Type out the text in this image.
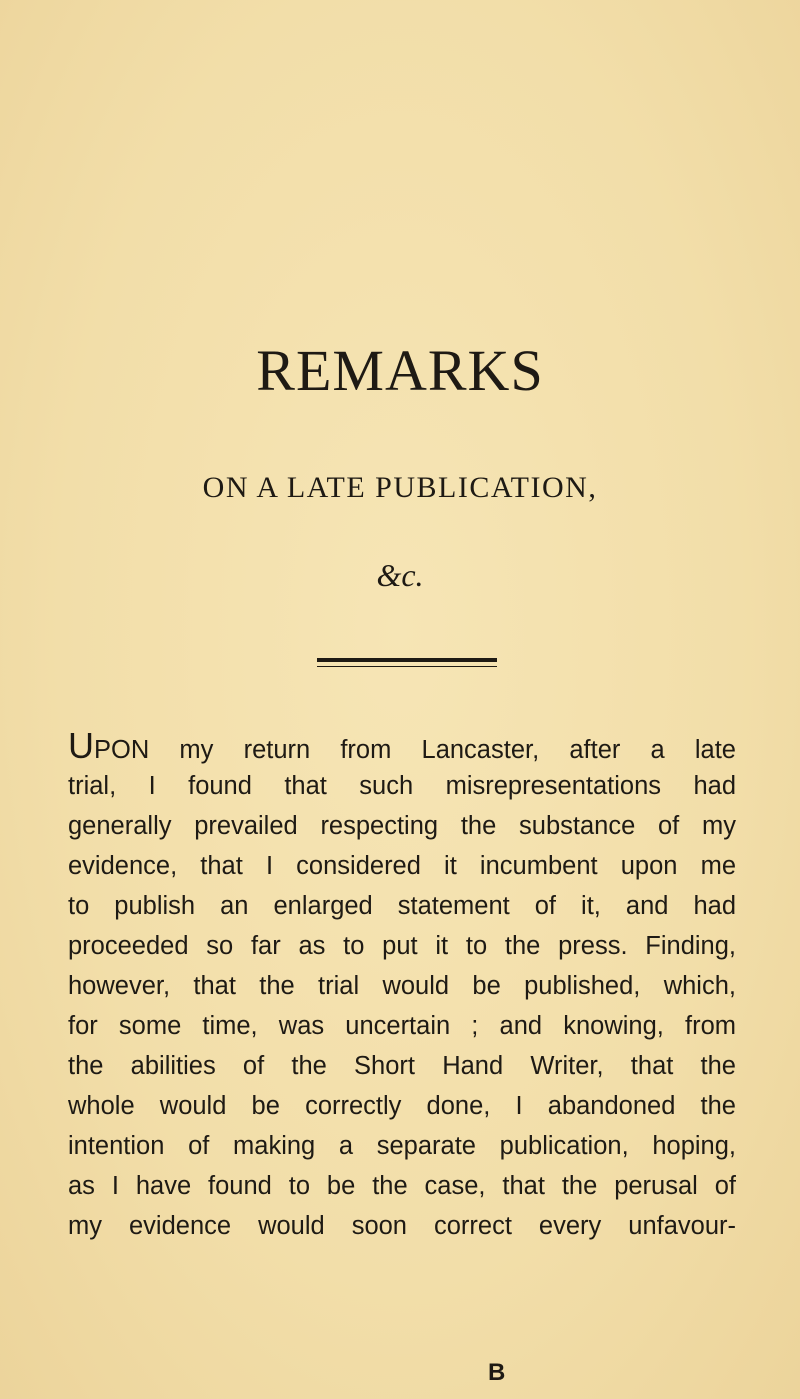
REMARKS
ON A LATE PUBLICATION,
&c.
UPON my return from Lancaster, after a late
trial, I found that such misrepresentations had
generally prevailed respecting the substance of my
evidence, that I considered it incumbent upon me
to publish an enlarged statement of it, and had
proceeded so far as to put it to the press. Finding,
however, that the trial would be published, which,
for some time, was uncertain ; and knowing, from
the abilities of the Short Hand Writer, that the
whole would be correctly done, I abandoned the
intention of making a separate publication, hoping,
as I have found to be the case, that the perusal of
my evidence would soon correct every unfavour-
B
